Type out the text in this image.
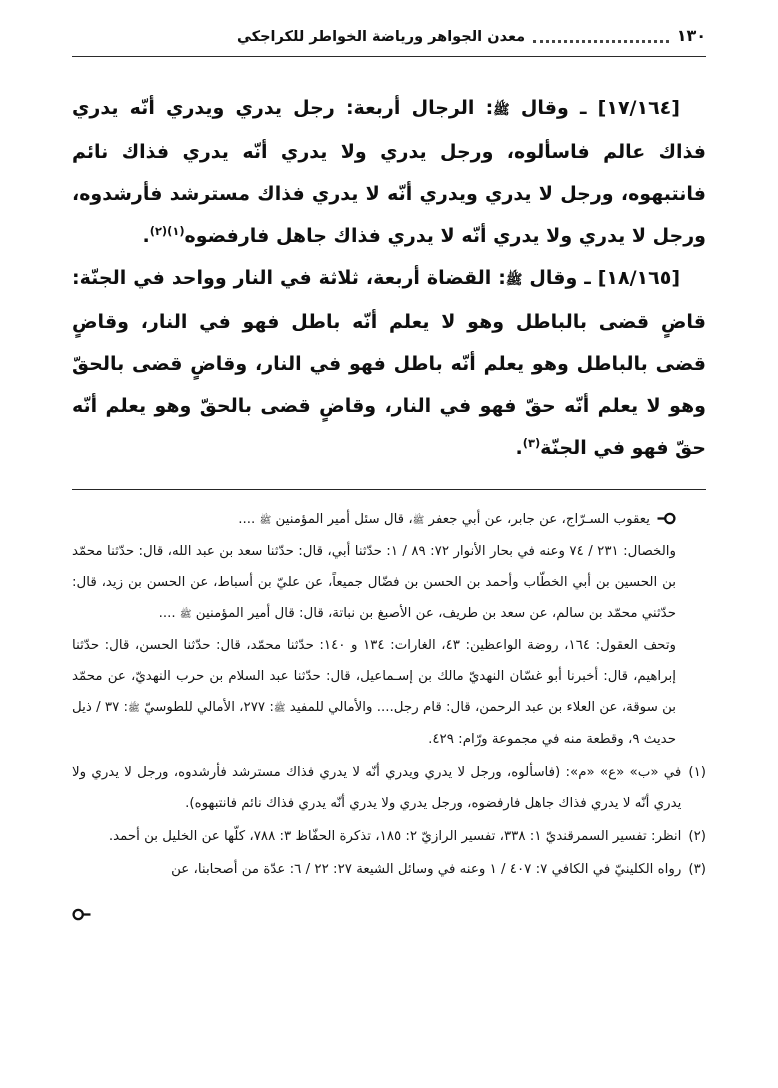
١٣٠
معدن الجواهر ورياضة الخواطر للكراجكي

[١٧/١٦٤] ـ وقال ﷺ: الرجال أربعة: رجل يدري ويدري أنّه يدري فذاك عالم فاسألوه، ورجل يدري ولا يدري أنّه يدري فذاك نائم فانتبهوه، ورجل لا يدري ويدري أنّه لا يدري فذاك مسترشد فأرشدوه، ورجل لا يدري ولا يدري أنّه لا يدري فذاك جاهل فارفضوه$^{(١)(٢)}$.

[١٨/١٦٥] ـ وقال ﷺ: القضاة أربعة، ثلاثة في النار وواحد في الجنّة: قاضٍ قضى بالباطل وهو لا يعلم أنّه باطل فهو في النار، وقاضٍ قضى بالباطل وهو يعلم أنّه باطل فهو في النار، وقاضٍ قضى بالحقّ وهو لا يعلم أنّه حقّ فهو في النار، وقاضٍ قضى بالحقّ وهو يعلم أنّه حقّ فهو في الجنّة$^{(٣)}$.

يعقوب السـرّاج، عن جابر، عن أبي جعفر ﷺ، قال سئل أمير المؤمنين ﷺ ....

والخصال: ٢٣١ / ٧٤ وعنه في بحار الأنوار ٧٢: ٨٩ / ١: حدّثنا أبي، قال: حدّثنا سعد بن عبد الله، قال: حدّثنا محمّد بن الحسين بن أبي الخطّاب وأحمد بن الحسن بن فضّال جميعاً، عن عليّ بن أسباط، عن الحسن بن زيد، قال: حدّثني محمّد بن سالم، عن سعد بن طريف، عن الأصبغ بن نباتة، قال: قال أمير المؤمنين ﷺ ....

وتحف العقول: ١٦٤، روضة الواعظين: ٤٣، الغارات: ١٣٤ و ١٤٠: حدّثنا محمّد، قال: حدّثنا الحسن، قال: حدّثنا إبراهيم، قال: أخبرنا أبو غسّان النهديّ مالك بن إسـماعيل، قال: حدّثنا عبد السلام بن حرب النهديّ، عن محمّد بن سوقة، عن العلاء بن عبد الرحمن، قال: قام رجل.... والأمالي للمفيد ﷺ: ٢٧٧، الأمالي للطوسيّ ﷺ: ٣٧ / ذيل حديث ٩، وقطعة منه في مجموعة ورّام: ٤٢٩.

(١)
في «ب» «ع» «م»: (فاسألوه، ورجل لا يدري ويدري أنّه لا يدري فذاك مسترشد فأرشدوه، ورجل لا يدري ولا يدري أنّه لا يدري فذاك جاهل فارفضوه، ورجل يدري ولا يدري أنّه يدري فذاك نائم فانتبهوه).
(٢)
انظر: تفسير السمرقنديّ ١: ٣٣٨، تفسير الرازيّ ٢: ١٨٥، تذكرة الحفّاظ ٣: ٧٨٨، كلّها عن الخليل بن أحمد.
(٣)
رواه الكلينيّ في الكافي ٧: ٤٠٧ / ١ وعنه في وسائل الشيعة ٢٧: ٢٢ / ٦: عدّة من أصحابنا، عن
